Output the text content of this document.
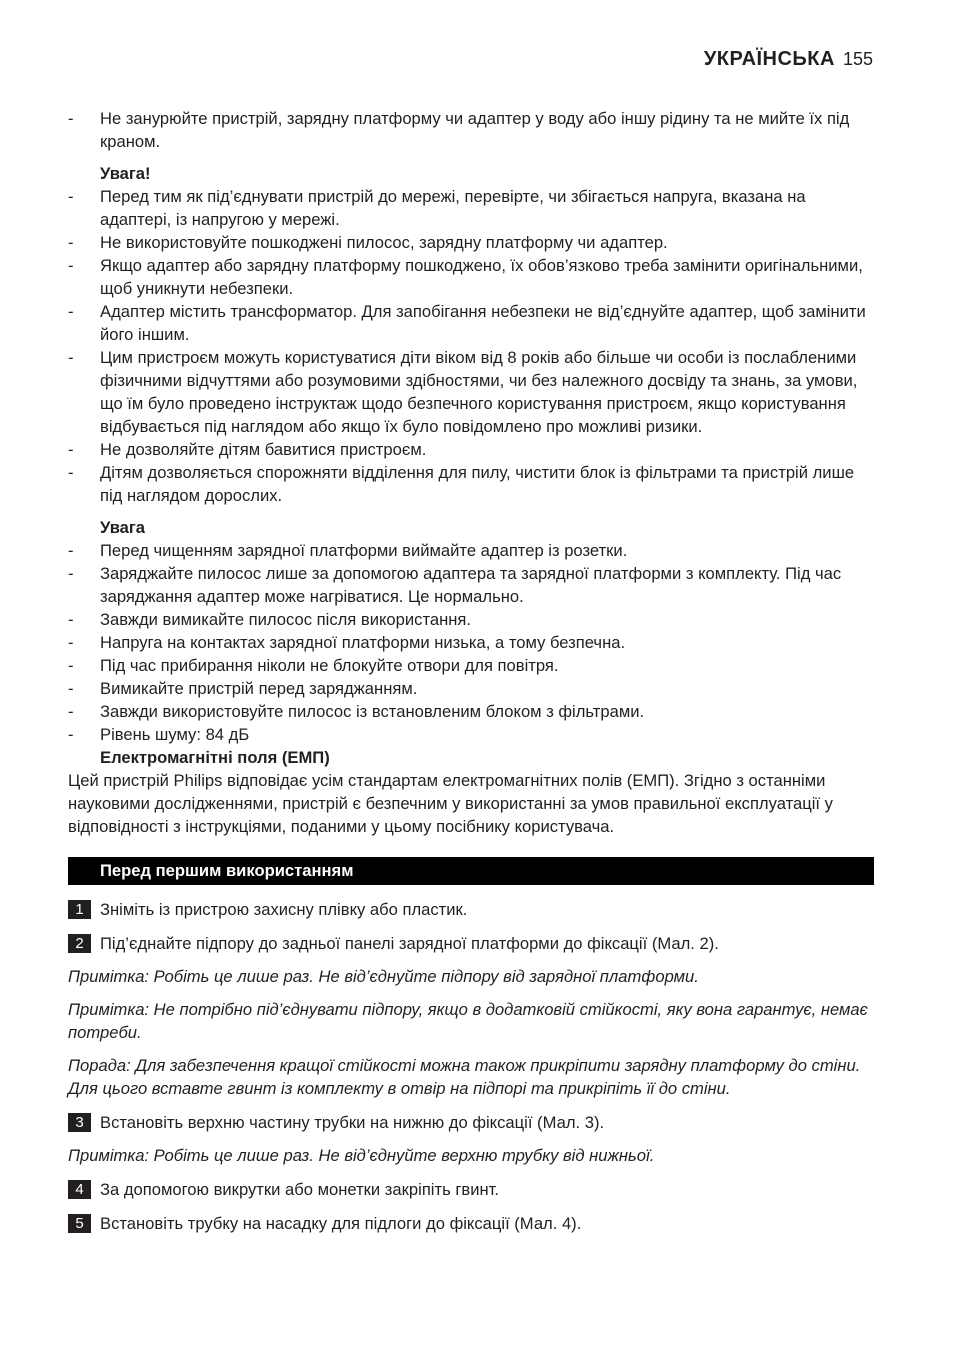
УКРАЇНСЬКА 155
- Не занурюйте пристрій, зарядну платформу чи адаптер у воду або іншу рідину та не мийте їх під краном.
Увага!
- Перед тим як під’єднувати пристрій до мережі, перевірте, чи збігається напруга, вказана на адаптері, із напругою у мережі.
- Не використовуйте пошкоджені пилосос, зарядну платформу чи адаптер.
- Якщо адаптер або зарядну платформу пошкоджено, їх обов’язково треба замінити оригінальними, щоб уникнути небезпеки.
- Адаптер містить трансформатор. Для запобігання небезпеки не від’єднуйте адаптер, щоб замінити його іншим.
- Цим пристроєм можуть користуватися діти віком від 8 років або більше чи особи із послабленими фізичними відчуттями або розумовими здібностями, чи без належного досвіду та знань, за умови, що їм було проведено інструктаж щодо безпечного користування пристроєм, якщо користування відбувається під наглядом або якщо їх було повідомлено про можливі ризики.
- Не дозволяйте дітям бавитися пристроєм.
- Дітям дозволяється спорожняти відділення для пилу, чистити блок із фільтрами та пристрій лише під наглядом дорослих.
Увага
- Перед чищенням зарядної платформи виймайте адаптер із розетки.
- Заряджайте пилосос лише за допомогою адаптера та зарядної платформи з комплекту. Під час заряджання адаптер може нагріватися. Це нормально.
- Завжди вимикайте пилосос після використання.
- Напруга на контактах зарядної платформи низька, а тому безпечна.
- Під час прибирання ніколи не блокуйте отвори для повітря.
- Вимикайте пристрій перед заряджанням.
- Завжди використовуйте пилосос із встановленим блоком з фільтрами.
- Рівень шуму: 84 дБ
Електромагнітні поля (ЕМП)

Цей пристрій Philips відповідає усім стандартам електромагнітних полів (ЕМП). Згідно з останніми науковими дослідженнями, пристрій є безпечним у використанні за умов правильної експлуатації у відповідності з інструкціями, поданими у цьому посібнику користувача.

Перед першим використанням
1 Зніміть із пристрою захисну плівку або пластик.
2 Під’єднайте підпору до задньої панелі зарядної платформи до фіксації (Мал. 2).
Примітка: Робіть це лише раз. Не від’єднуйте підпору від зарядної платформи.
Примітка: Не потрібно під’єднувати підпору, якщо в додатковій стійкості, яку вона гарантує, немає потреби.
Порада: Для забезпечення кращої стійкості можна також прикріпити зарядну платформу до стіни. Для цього вставте гвинт із комплекту в отвір на підпорі та прикріпіть її до стіни.
3 Встановіть верхню частину трубки на нижню до фіксації (Мал. 3).
Примітка: Робіть це лише раз. Не від’єднуйте верхню трубку від нижньої.
4 За допомогою викрутки або монетки закріпіть гвинт.
5 Встановіть трубку на насадку для підлоги до фіксації (Мал. 4).
